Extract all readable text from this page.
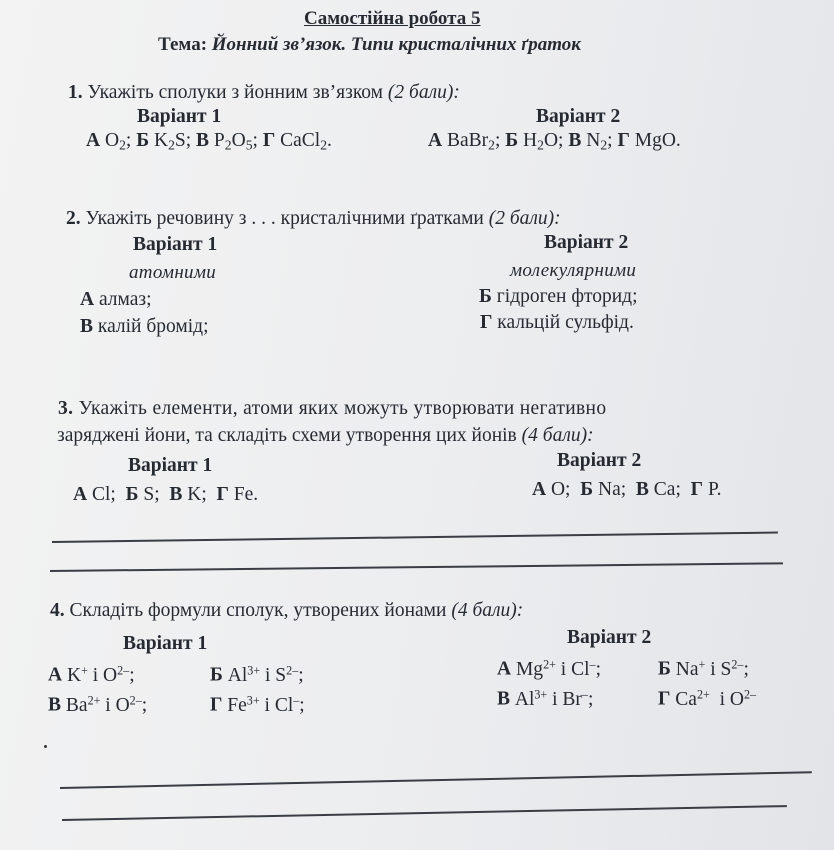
Самостійна робота 5
Тема: Йонний зв’язок. Типи кристалічних ґраток
1. Укажіть сполуки з йонним зв’язком (2 бали):
Варіант 1	Варіант 2
А $O_2$; Б $K_2S$; В $P_2O_5$; Г CaCl$_2$.	А BaBr$_2$; Б $H_2O$; В $N_2$; Г MgO.
2. Укажіть речовину з . . . кристалічними ґратками (2 бали):
Варіант 1	Варіант 2
атомними	молекулярними
А алмаз;
В калій бромід;
Б гідроген фторид;
Г кальцій сульфід.
3. Укажіть елементи, атоми яких можуть утворювати негативно
заряджені йони, та складіть схеми утворення цих йонів (4 бали):
Варіант 1	Варіант 2
А Cl; Б S; В K; Г Fe.	А O; Б Na; В Ca; Г P.
4. Складіть формули сполук, утворених йонами (4 бали):
Варіант 1	Варіант 2
А K+ і $O^{2-}$;	Б $Al^{3+}$ і $S^{2-}$;
В $Ba^{2+}$ і $O^{2-}$;	Г $Fe^{3+}$ і Cl–;
А $Mg^{2+}$ і Cl–;	Б Na+ і $S^{2-}$;
В $Al^{3+}$ і Br–;	Г $Ca^{2+}$  і $O^{2-}$
